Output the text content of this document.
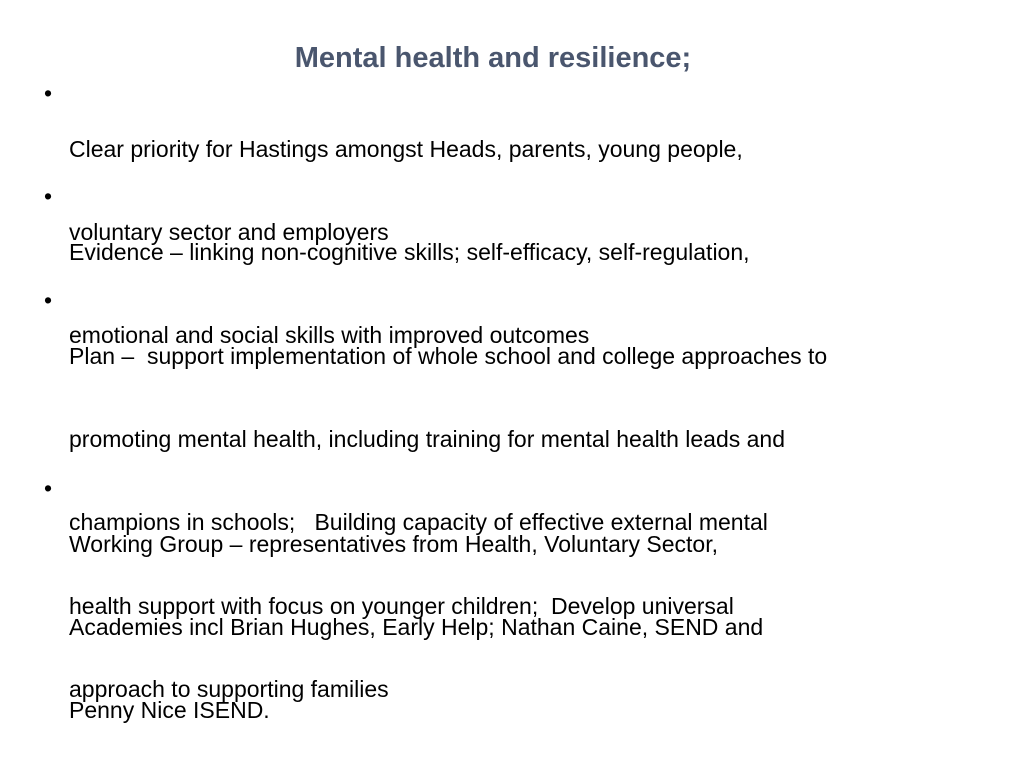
Mental health and resilience;
•

Clear priority for Hastings amongst Heads, parents, young people,

voluntary sector and employers

•

Evidence – linking non-cognitive skills; self-efficacy, self-regulation,

emotional and social skills with improved outcomes

•

Plan –  support implementation of whole school and college approaches to

promoting mental health, including training for mental health leads and

champions in schools;   Building capacity of effective external mental

health support with focus on younger children;  Develop universal

approach to supporting families

•

Working Group – representatives from Health, Voluntary Sector,

Academies incl Brian Hughes, Early Help; Nathan Caine, SEND and

Penny Nice ISEND.
